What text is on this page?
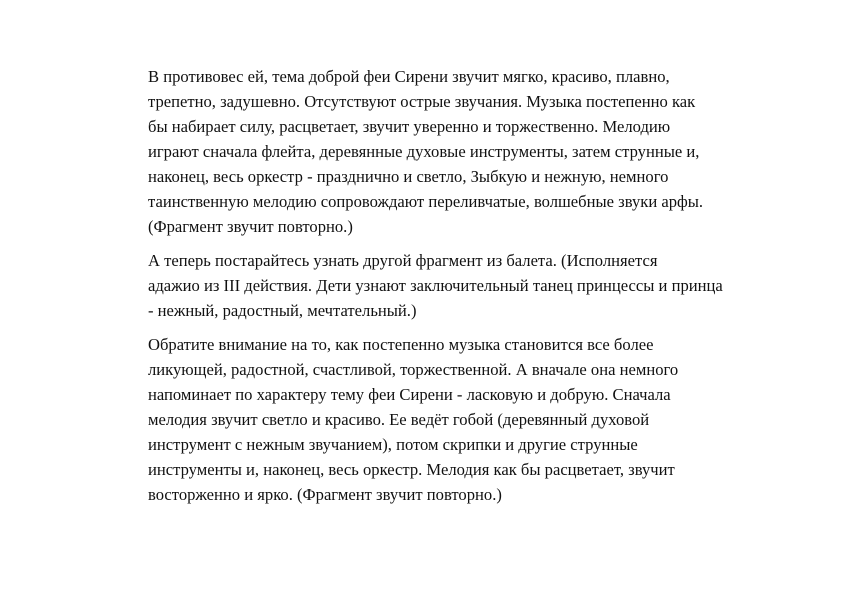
В противовес ей, тема доброй феи Сирени звучит мягко, красиво, плавно,
трепетно, задушевно. Отсутствуют острые звучания. Музыка постепенно как
бы набирает силу, расцветает, звучит уверенно и торжественно. Мелодию
играют сначала флейта, деревянные духовые инструменты, затем струнные и,
наконец, весь оркестр - празднично и светло, Зыбкую и нежную, немного
таинственную мелодию сопровождают переливчатые, волшебные звуки арфы.
(Фрагмент звучит повторно.)

А теперь постарайтесь узнать другой фрагмент из балета. (Исполняется
адажио из III действия. Дети узнают заключительный танец принцессы и принца
- нежный, радостный, мечтательный.)

Обратите внимание на то, как постепенно музыка становится все более
ликующей, радостной, счастливой, торжественной. А вначале она немного
напоминает по характеру тему феи Сирени - ласковую и добрую. Сначала
мелодия звучит светло и красиво. Ее ведёт гобой (деревянный духовой
инструмент с нежным звучанием), потом скрипки и другие струнные
инструменты и, наконец, весь оркестр. Мелодия как бы расцветает, звучит
восторженно и ярко. (Фрагмент звучит повторно.)
